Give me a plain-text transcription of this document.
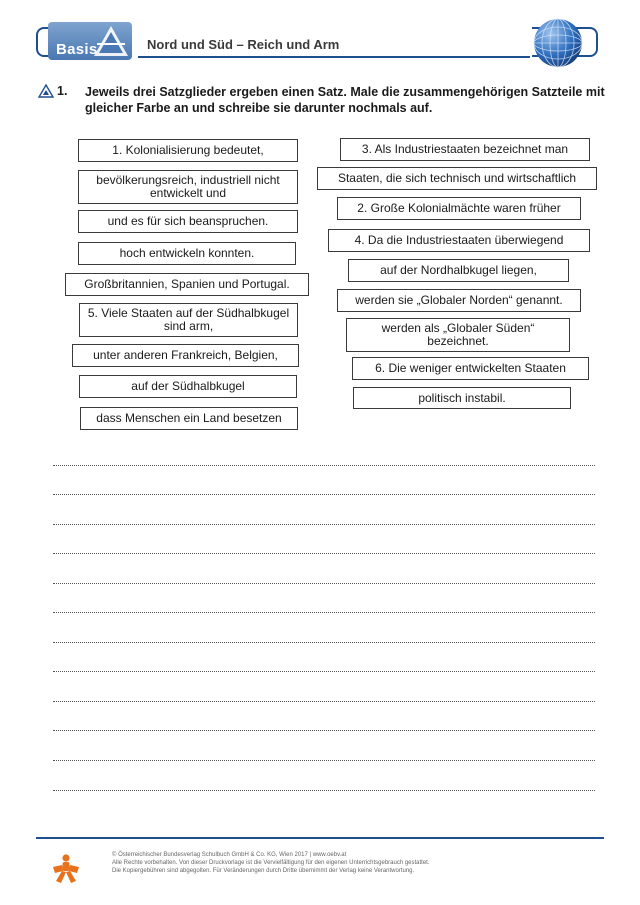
Basis	Nord und Süd – Reich und Arm
1. Jeweils drei Satzglieder ergeben einen Satz. Male die zusammengehörigen Satzteile mit gleicher Farbe an und schreibe sie darunter nochmals auf.
1. Kolonialisierung bedeutet,
bevölkerungsreich, industriell nicht entwickelt und
und es für sich beanspruchen.
hoch entwickeln konnten.
Großbritannien, Spanien und Portugal.
5. Viele Staaten auf der Südhalbkugel sind arm,
unter anderen Frankreich, Belgien,
auf der Südhalbkugel
dass Menschen ein Land besetzen
3. Als Industriestaaten bezeichnet man
Staaten, die sich technisch und wirtschaftlich
2. Große Kolonialmächte waren früher
4. Da die Industriestaaten überwiegend
auf der Nordhalbkugel liegen,
werden sie „Globaler Norden“ genannt.
werden als „Globaler Süden“ bezeichnet.
6. Die weniger entwickelten Staaten
politisch instabil.
© Österreichischer Bundesverlag Schulbuch GmbH & Co. KG, Wien 2017 | www.oebv.at
Alle Rechte vorbehalten. Von dieser Druckvorlage ist die Vervielfältigung für den eigenen Unterrichtsgebrauch gestattet.
Die Kopiergebühren sind abgegolten. Für Veränderungen durch Dritte übernimmt der Verlag keine Verantwortung.
